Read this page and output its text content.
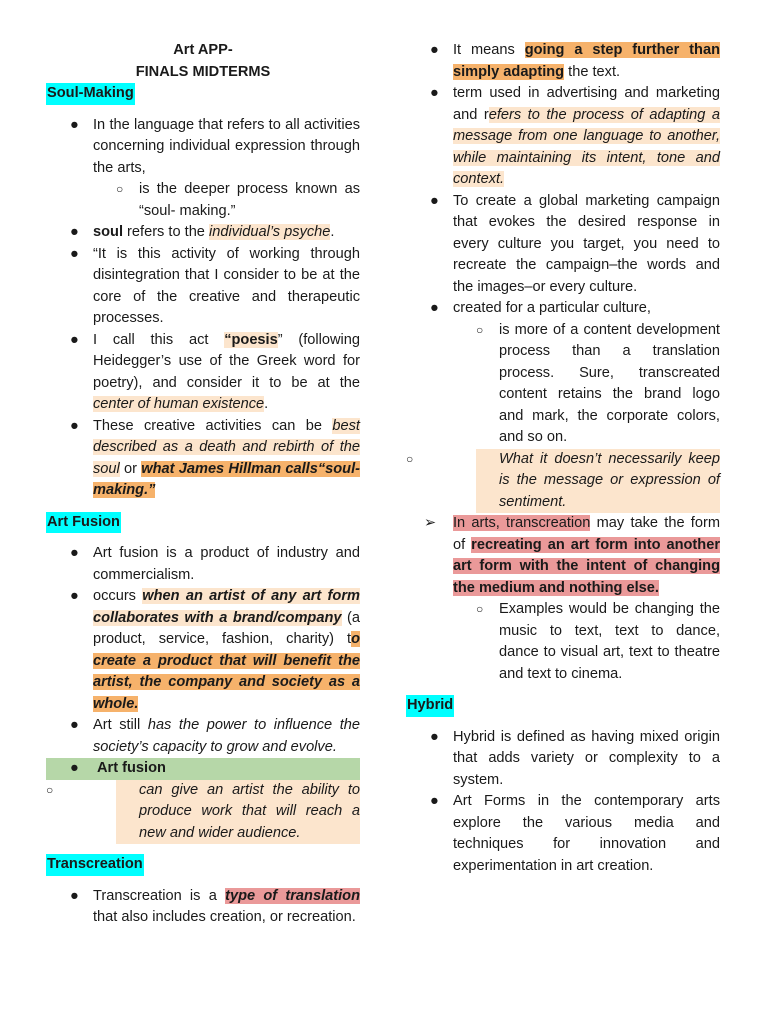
Art APP-
FINALS MIDTERMS
Soul-Making
● In the language that refers to all activities concerning individual expression through the arts,
○ is the deeper process known as “soul- making.”
● soul refers to the individual’s psyche.
● “It is this activity of working through disintegration that I consider to be at the core of the creative and therapeutic processes.
● I call this act “poesis” (following Heidegger’s use of the Greek word for poetry), and consider it to be at the center of human existence.
● These creative activities can be best described as a death and rebirth of the soul or what James Hillman calls“soul-making.”
Art Fusion
● Art fusion is a product of industry and commercialism.
● occurs when an artist of any art form collaborates with a brand/company (a product, service, fashion, charity) to create a product that will benefit the artist, the company and society as a whole.
● Art still has the power to influence the society’s capacity to grow and evolve.
● Art fusion
○	can give an artist the ability to produce work that will reach a new and wider audience.
Transcreation
● Transcreation is a type of translation that also includes creation, or recreation.
● It means going a step further than simply adapting the text.
● term used in advertising and marketing and refers to the process of adapting a message from one language to another, while maintaining its intent, tone and context.
● To create a global marketing campaign that evokes the desired response in every culture you target, you need to recreate the campaign–the words and the images–or every culture.
● created for a particular culture,
○ is more of a content development process than a translation process. Sure, transcreated content retains the brand logo and mark, the corporate colors, and so on.
○	What it doesn’t necessarily keep is the message or expression of sentiment.
➢ In arts, transcreation may take the form of recreating an art form into another art form with the intent of changing the medium and nothing else.
○ Examples would be changing the music to text, text to dance, dance to visual art, text to theatre and text to cinema.
Hybrid
● Hybrid is defined as having mixed origin that adds variety or complexity to a system.
● Art Forms in the contemporary arts explore the various media and techniques for innovation and experimentation in art creation.
